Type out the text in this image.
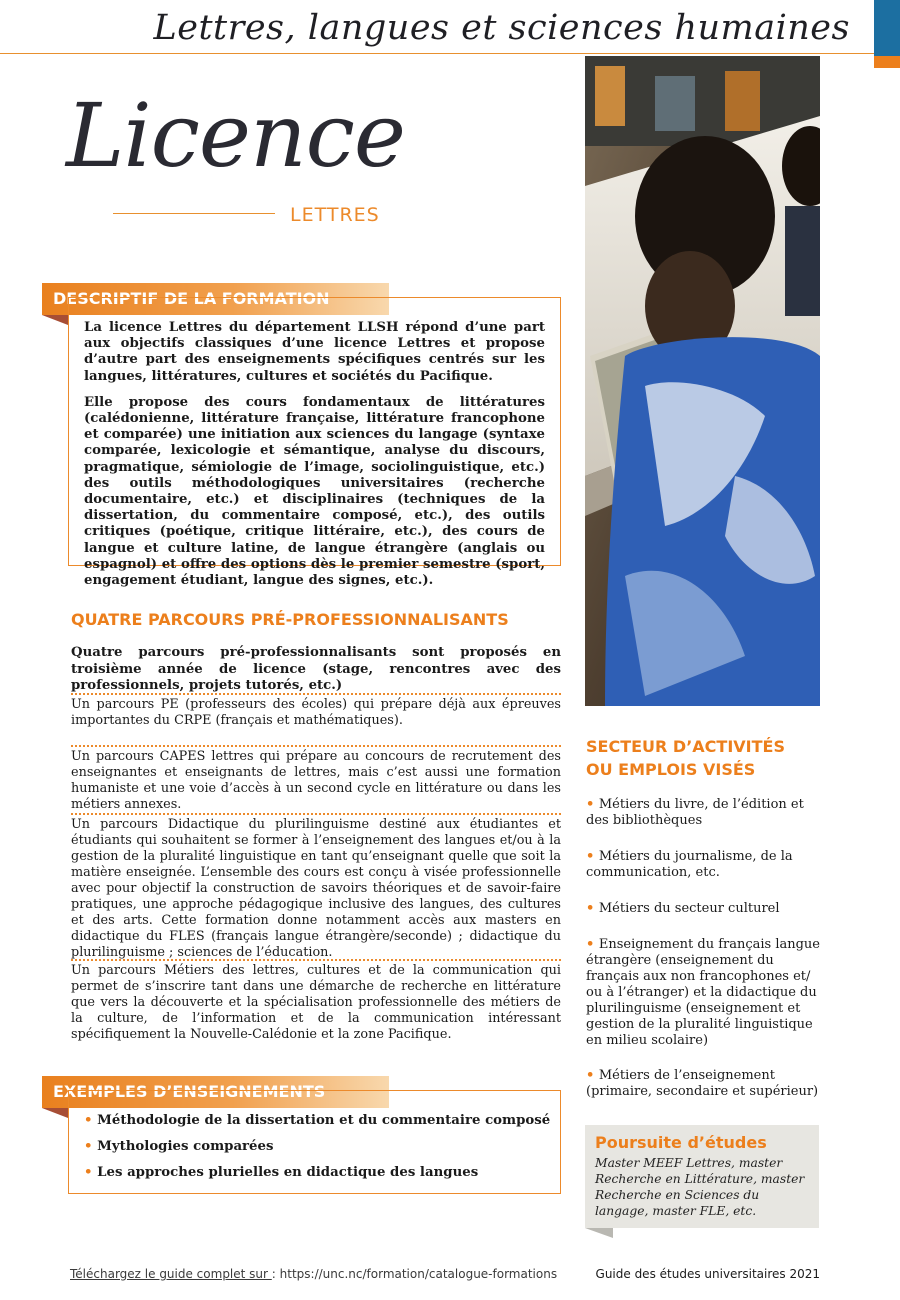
Lettres, langues et sciences humaines
Licence
LETTRES
DESCRIPTIF DE LA FORMATION

La licence Lettres du département LLSH répond d’une part aux objectifs classiques d’une licence Lettres et propose d’autre part des enseignements spécifiques centrés sur les langues, littératures, cultures et sociétés du Pacifique.

Elle propose des cours fondamentaux de littératures (calédonienne, littérature française, littérature francophone et comparée) une initiation aux sciences du langage (syntaxe comparée, lexicologie et sémantique, analyse du discours, pragmatique, sémiologie de l’image, sociolinguistique, etc.) des outils méthodologiques universitaires (recherche documentaire, etc.) et disciplinaires (techniques de la dissertation, du commentaire composé, etc.), des outils critiques (poétique, critique littéraire, etc.), des cours de langue et culture latine, de langue étrangère (anglais ou espagnol) et offre des options dès le premier semestre (sport, engagement étudiant, langue des signes, etc.).

QUATRE PARCOURS PRÉ-PROFESSIONNALISANTS
Quatre parcours pré-professionnalisants sont proposés en troisième année de licence (stage, rencontres avec des professionnels, projets tutorés, etc.)
Un parcours PE (professeurs des écoles) qui prépare déjà aux épreuves importantes du CRPE (français et mathématiques).
Un parcours CAPES lettres qui prépare au concours de recrutement des enseignantes et enseignants de lettres, mais c’est aussi une formation humaniste et une voie d’accès à un second cycle en littérature ou dans les métiers annexes.
Un parcours Didactique du plurilinguisme destiné aux étudiantes et étudiants qui souhaitent se former à l’enseignement des langues et/ou à la gestion de la pluralité linguistique en tant qu’enseignant quelle que soit la matière enseignée. L’ensemble des cours est conçu à visée professionnelle avec pour objectif la construction de savoirs théoriques et de savoir-faire pratiques, une approche pédagogique inclusive des langues, des cultures et des arts. Cette formation donne notamment accès aux masters en didactique du FLES (français langue étrangère/seconde) ; didactique du plurilinguisme ; sciences de l’éducation.
Un parcours Métiers des lettres, cultures et de la communication qui permet de s’inscrire tant dans une démarche de recherche en littérature que vers la découverte et la spécialisation professionnelle des métiers de la culture, de l’information et de la communication intéressant spécifiquement la Nouvelle-Calédonie et la zone Pacifique.
EXEMPLES D’ENSEIGNEMENTS
• Méthodologie de la dissertation et du commentaire composé
• Mythologies comparées
• Les approches plurielles en didactique des langues
SECTEUR D’ACTIVITÉS
OU EMPLOIS VISÉS
• Métiers du livre, de l’édition et des bibliothèques
• Métiers du journalisme, de la communication, etc.
• Métiers du secteur culturel
• Enseignement du français langue étrangère (enseignement du français aux non francophones et/ ou à l’étranger) et la didactique du plurilinguisme (enseignement et gestion de la pluralité linguistique en milieu scolaire)
• Métiers de l’enseignement (primaire, secondaire et supérieur)
Poursuite d’études
Master MEEF Lettres, master Recherche en Littérature, master Recherche en Sciences du langage, master FLE, etc.
Téléchargez le guide complet sur : https://unc.nc/formation/catalogue-formations	Guide des études universitaires 2021
